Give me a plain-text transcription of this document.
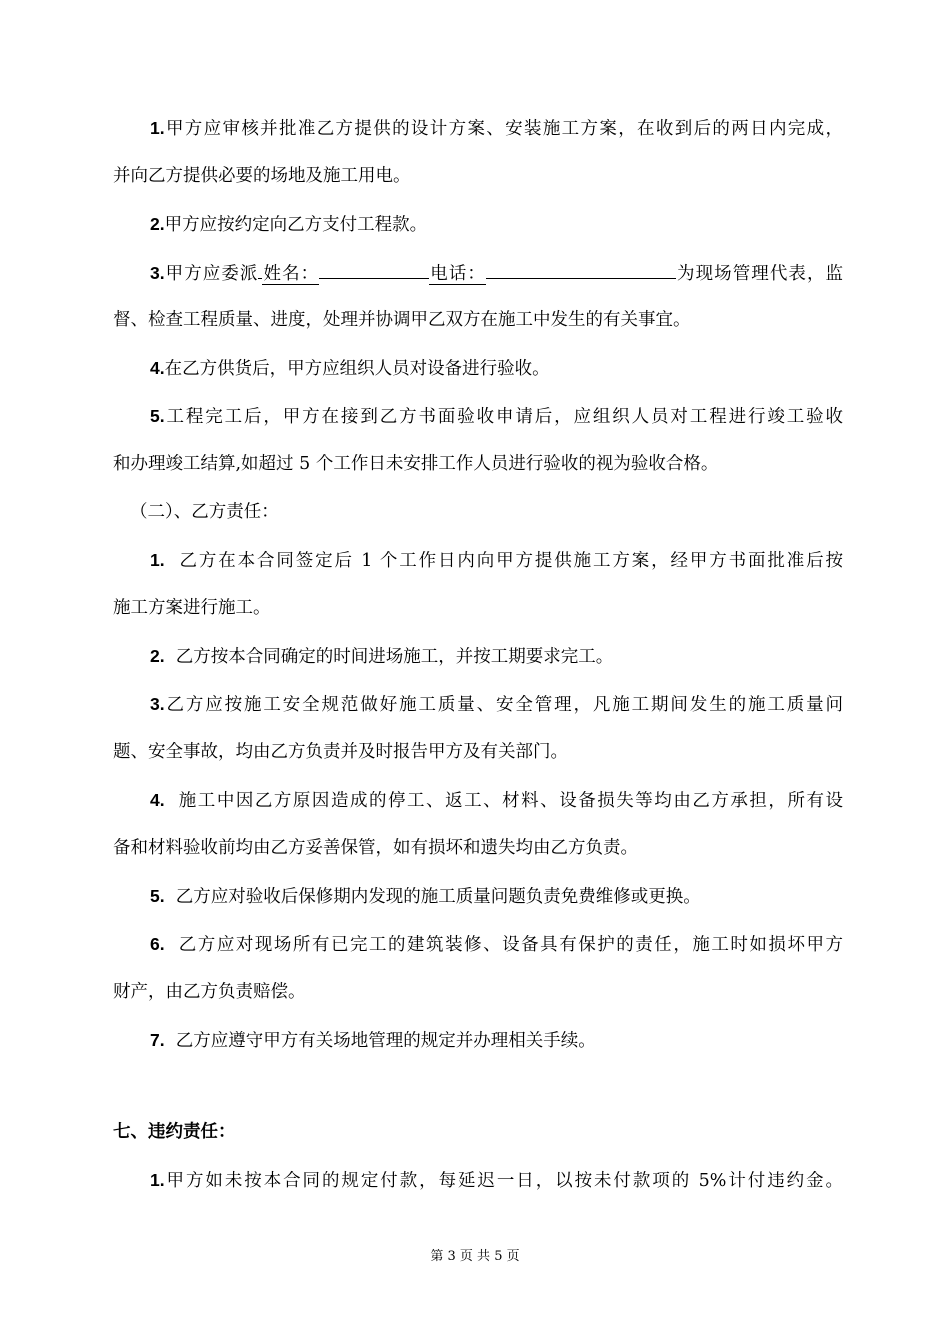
1.甲方应审核并批准乙方提供的设计方案、安装施工方案，在收到后的两日内完成，
并向乙方提供必要的场地及施工用电。
2.甲方应按约定向乙方支付工程款。
3.甲方应委派 姓名：	电话：	为现场管理代表，监
督、检查工程质量、进度，处理并协调甲乙双方在施工中发生的有关事宜。
4.在乙方供货后，甲方应组织人员对设备进行验收。
5.工程完工后，甲方在接到乙方书面验收申请后，应组织人员对工程进行竣工验收
和办理竣工结算,如超过 5 个工作日未安排工作人员进行验收的视为验收合格。
（二）、乙方责任：
1. 乙方在本合同签定后 1 个工作日内向甲方提供施工方案，经甲方书面批准后按
施工方案进行施工。
2. 乙方按本合同确定的时间进场施工，并按工期要求完工。
3.乙方应按施工安全规范做好施工质量、安全管理，凡施工期间发生的施工质量问
题、安全事故，均由乙方负责并及时报告甲方及有关部门。
4. 施工中因乙方原因造成的停工、返工、材料、设备损失等均由乙方承担，所有设
备和材料验收前均由乙方妥善保管，如有损坏和遗失均由乙方负责。
5. 乙方应对验收后保修期内发现的施工质量问题负责免费维修或更换。
6. 乙方应对现场所有已完工的建筑装修、设备具有保护的责任，施工时如损坏甲方
财产，由乙方负责赔偿。
7. 乙方应遵守甲方有关场地管理的规定并办理相关手续。
七、违约责任：
1.甲方如未按本合同的规定付款，每延迟一日，以按未付款项的 5%计付违约金。
第 3 页 共 5 页
